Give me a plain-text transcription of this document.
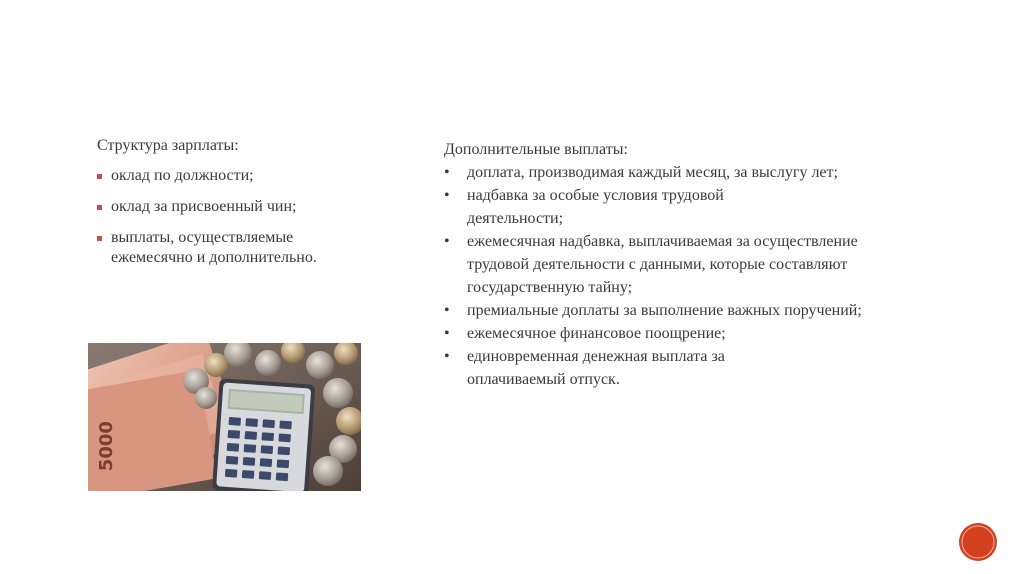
Структура зарплаты:

оклад по должности;
оклад за присвоенный чин;
выплаты, осуществляемые ежемесячно и дополнительно.
5000

Дополнительные выплаты:

• доплата, производимая каждый месяц, за выслугу лет;
• надбавка за особые условия трудовой деятельности;
• ежемесячная надбавка, выплачиваемая за осуществление трудовой деятельности с данными, которые составляют государственную тайну;
• премиальные доплаты за выполнение важных поручений;
• ежемесячное финансовое поощрение;
• единовременная денежная выплата за оплачиваемый отпуск.
